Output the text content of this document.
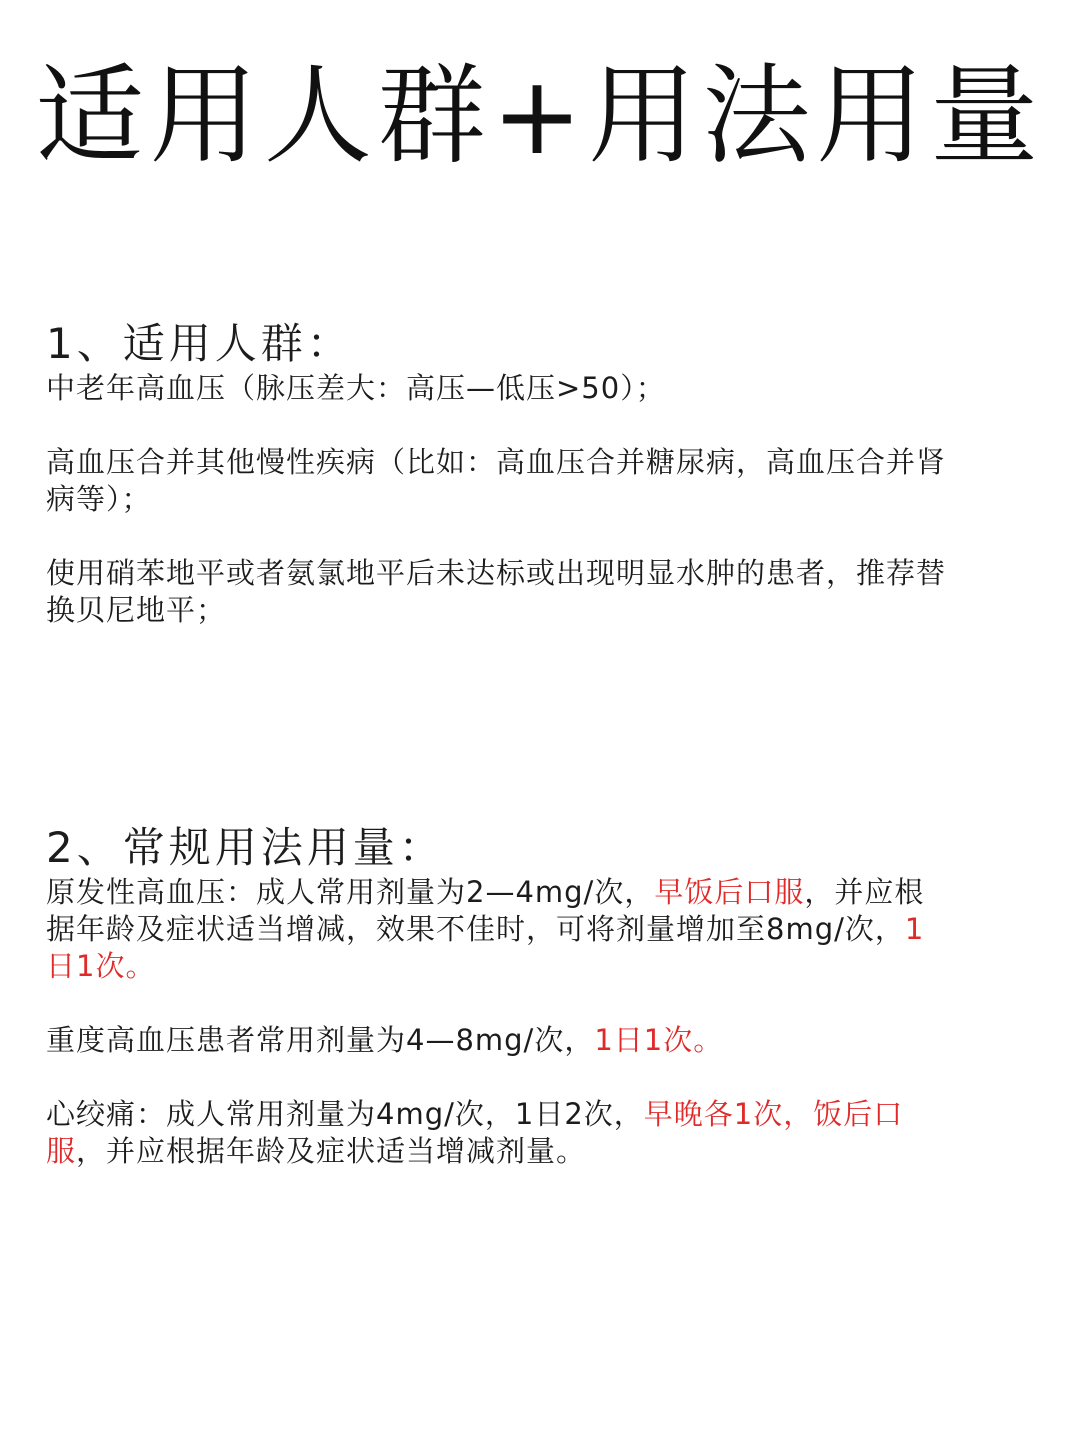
适用人群+用法用量
1、适用人群：

中老年高血压（脉压差大：高压—低压>50）；

高血压合并其他慢性疾病（比如：高血压合并糖尿病，高血压合并肾病等）；

使用硝苯地平或者氨氯地平后未达标或出现明显水肿的患者，推荐替换贝尼地平；

2、常规用法用量：

原发性高血压：成人常用剂量为2—4mg/次，早饭后口服，并应根据年龄及症状适当增减，效果不佳时，可将剂量增加至8mg/次，1日1次。

重度高血压患者常用剂量为4—8mg/次，1日1次。

心绞痛：成人常用剂量为4mg/次，1日2次，早晚各1次，饭后口服，并应根据年龄及症状适当增减剂量。
